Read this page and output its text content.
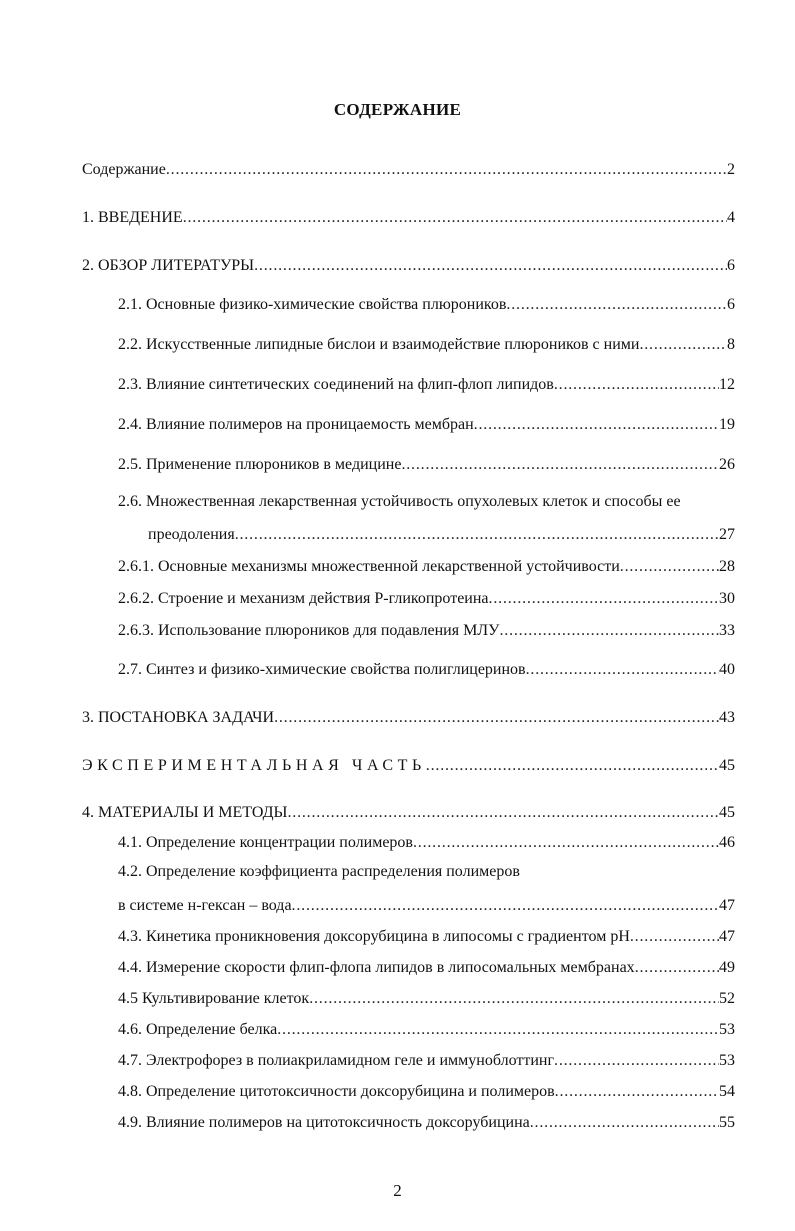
СОДЕРЖАНИЕ
Содержание . . .	2
1. ВВЕДЕНИЕ . . .	4
2. ОБЗОР ЛИТЕРАТУРЫ . . .	6
2.1. Основные физико-химические свойства плюроников . . .	6
2.2. Искусственные липидные бислои и взаимодействие плюроников с ними . . .	8
2.3. Влияние синтетических соединений на флип-флоп липидов . . .	12
2.4. Влияние полимеров на проницаемость мембран . . .	19
2.5. Применение плюроников в медицине . . .	26
2.6. Множественная лекарственная устойчивость опухолевых клеток и способы ее
преодоления . . .	27
2.6.1. Основные механизмы множественной лекарственной устойчивости . . .	28
2.6.2. Строение и механизм действия Р-гликопротеина . . .	30
2.6.3. Использование плюроников для подавления МЛУ . . .	33
2.7. Синтез и физико-химические свойства полиглицеринов . . .	40
3. ПОСТАНОВКА ЗАДАЧИ . . .	43
ЭКСПЕРИМЕНТАЛЬНАЯ ЧАСТЬ . . .	45
4. МАТЕРИАЛЫ И МЕТОДЫ . . .	45
4.1. Определение концентрации полимеров . . .	46
4.2. Определение коэффициента распределения полимеров
в системе н-гексан – вода . . .	47
4.3. Кинетика проникновения доксорубицина в липосомы с градиентом рН . . .	47
4.4. Измерение скорости флип-флопа липидов в липосомальных мембранах . . .	49
4.5 Культивирование клеток . . .	52
4.6. Определение белка . . .	53
4.7. Электрофорез в полиакриламидном геле и иммуноблоттинг . . .	53
4.8. Определение цитотоксичности доксорубицина и полимеров . . .	54
4.9. Влияние полимеров на цитотоксичность доксорубицина . . .	55
2
